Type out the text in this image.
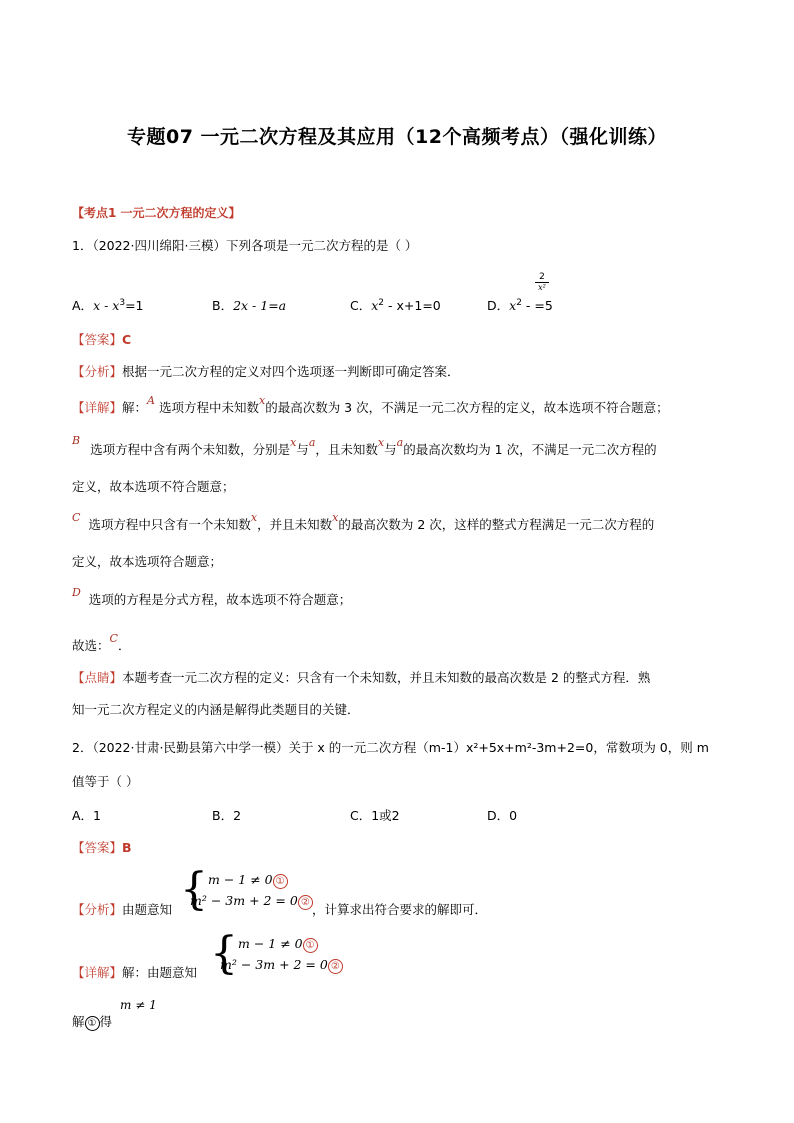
专题07 一元二次方程及其应用（12个高频考点）（强化训练）
【考点1 一元二次方程的定义】
1．（2022·四川绵阳·三模）下列各项是一元二次方程的是（ ）
A．$x - x^3=1$	B．2x - 1=a	C．$x^2 - x+1=0$	D．$x^2 - =5$
2
x²
【答案】C
【分析】根据一元二次方程的定义对四个选项逐一判断即可确定答案．
【详解】解：A 选项方程中未知数x的最高次数为 3 次，不满足一元二次方程的定义，故本选项不符合题意；
B 选项方程中含有两个未知数，分别是x与a，且未知数x与a的最高次数均为 1 次，不满足一元二次方程的
定义，故本选项不符合题意；
C 选项方程中只含有一个未知数x，并且未知数x的最高次数为 2 次，这样的整式方程满足一元二次方程的
定义，故本选项符合题意；
D 选项的方程是分式方程，故本选项不符合题意；
故选：C．
【点睛】本题考查一元二次方程的定义：只含有一个未知数，并且未知数的最高次数是 2 的整式方程．熟
知一元二次方程定义的内涵是解得此类题目的关键．
2．（2022·甘肃·民勤县第六中学一模）关于 x 的一元二次方程（m-1）x²+5x+m²-3m+2=0，常数项为 0，则 m
值等于（ ）
A．1	B．2	C．1或2	D．0
【答案】B
【分析】由题意知 { m − 1 ≠ 0 ①
m² − 3m + 2 = 0 ② ，计算求出符合要求的解即可．
【详解】解：由题意知 { m − 1 ≠ 0 ①
m² − 3m + 2 = 0 ②
解 ① 得
m ≠ 1
